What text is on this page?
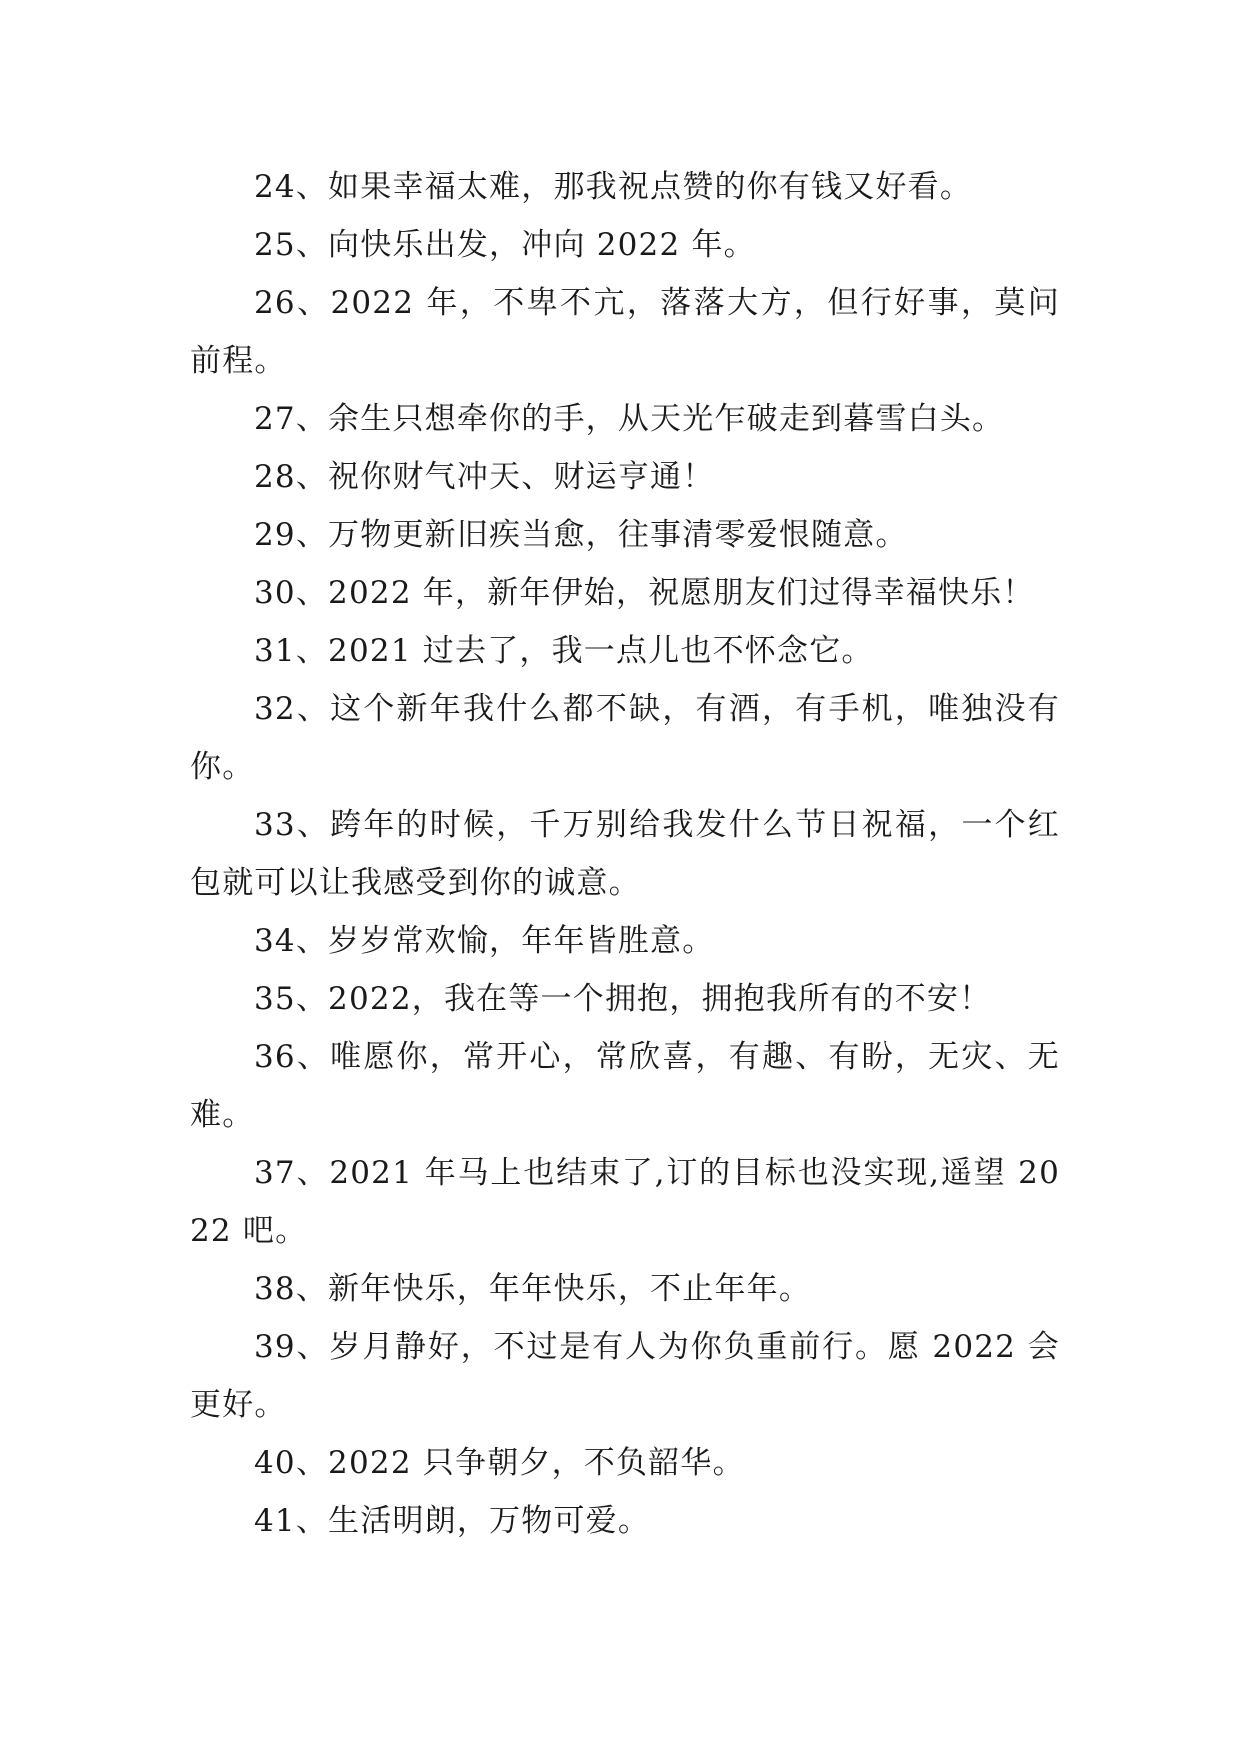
24、如果幸福太难，那我祝点赞的你有钱又好看。

25、向快乐出发，冲向 2022 年。

26、2022 年，不卑不亢，落落大方，但行好事，莫问前程。

27、余生只想牵你的手，从天光乍破走到暮雪白头。

28、祝你财气冲天、财运亨通！

29、万物更新旧疾当愈，往事清零爱恨随意。

30、2022 年，新年伊始，祝愿朋友们过得幸福快乐！

31、2021 过去了，我一点儿也不怀念它。

32、这个新年我什么都不缺，有酒，有手机，唯独没有你。

33、跨年的时候，千万别给我发什么节日祝福，一个红包就可以让我感受到你的诚意。

34、岁岁常欢愉，年年皆胜意。

35、2022，我在等一个拥抱，拥抱我所有的不安！

36、唯愿你，常开心，常欣喜，有趣、有盼，无灾、无难。

37、2021 年马上也结束了,订的目标也没实现,遥望 2022 吧。

38、新年快乐，年年快乐，不止年年。

39、岁月静好，不过是有人为你负重前行。愿 2022 会更好。

40、2022 只争朝夕，不负韶华。

41、生活明朗，万物可爱。
